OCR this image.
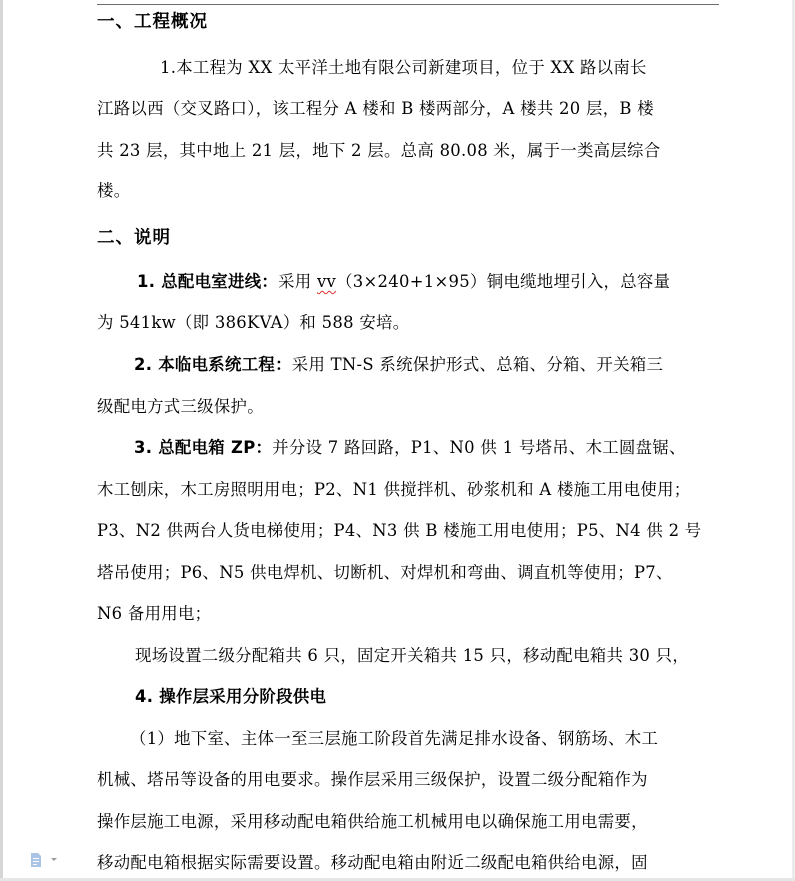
一、工程概况
1.本工程为 XX 太平洋土地有限公司新建项目，位于 XX 路以南长
江路以西（交叉路口），该工程分 A 楼和 B 楼两部分，A 楼共 20 层，B 楼
共 23 层，其中地上 21 层，地下 2 层。总高 80.08 米，属于一类高层综合
楼。
二、说明
1. 总配电室进线：采用 vv（3×240+1×95）铜电缆地埋引入，总容量
为 541kw（即 386KVA）和 588 安培。
2. 本临电系统工程：采用 TN-S 系统保护形式、总箱、分箱、开关箱三
级配电方式三级保护。
3. 总配电箱 ZP：并分设 7 路回路，P1、N0 供 1 号塔吊、木工圆盘锯、
木工刨床，木工房照明用电；P2、N1 供搅拌机、砂浆机和 A 楼施工用电使用；
P3、N2 供两台人货电梯使用；P4、N3 供 B 楼施工用电使用；P5、N4 供 2 号
塔吊使用；P6、N5 供电焊机、切断机、对焊机和弯曲、调直机等使用；P7、
N6 备用用电；
现场设置二级分配箱共 6 只，固定开关箱共 15 只，移动配电箱共 30 只，
4. 操作层采用分阶段供电
（1）地下室、主体一至三层施工阶段首先满足排水设备、钢筋场、木工
机械、塔吊等设备的用电要求。操作层采用三级保护，设置二级分配箱作为
操作层施工电源，采用移动配电箱供给施工机械用电以确保施工用电需要，
移动配电箱根据实际需要设置。移动配电箱由附近二级配电箱供给电源，固
